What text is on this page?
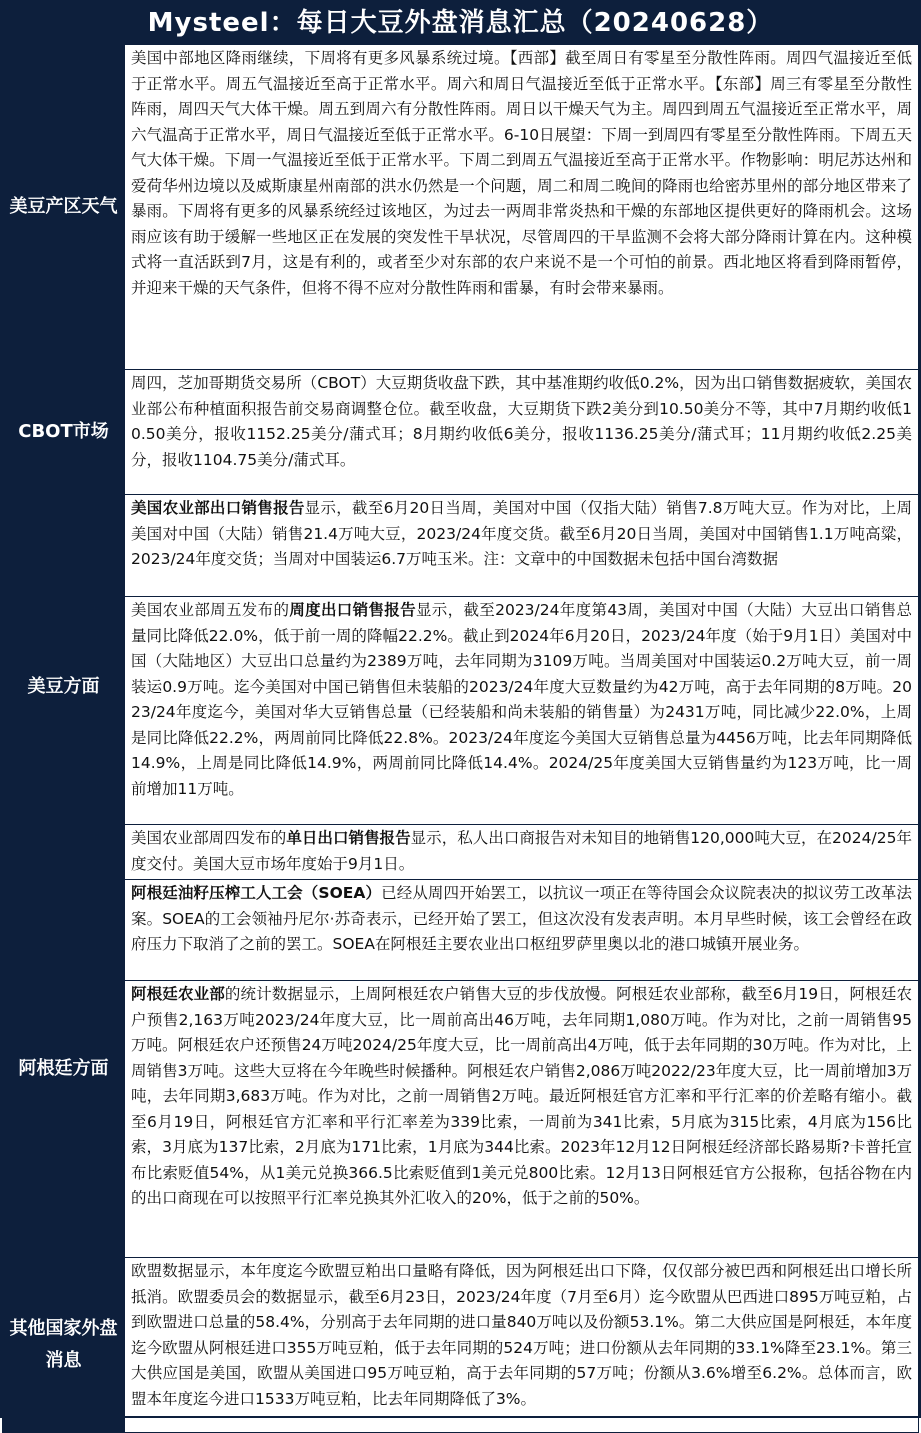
Mysteel：每日大豆外盘消息汇总（20240628）
美豆产区天气	美国中部地区降雨继续，下周将有更多风暴系统过境。【西部】截至周日有零星至分散性阵雨。周四气温接近至低于正常水平。周五气温接近至高于正常水平。周六和周日气温接近至低于正常水平。【东部】周三有零星至分散性阵雨，周四天气大体干燥。周五到周六有分散性阵雨。周日以干燥天气为主。周四到周五气温接近至正常水平，周六气温高于正常水平，周日气温接近至低于正常水平。6-10日展望：下周一到周四有零星至分散性阵雨。下周五天气大体干燥。下周一气温接近至低于正常水平。下周二到周五气温接近至高于正常水平。作物影响：明尼苏达州和爱荷华州边境以及威斯康星州南部的洪水仍然是一个问题，周二和周二晚间的降雨也给密苏里州的部分地区带来了暴雨。下周将有更多的风暴系统经过该地区，为过去一两周非常炎热和干燥的东部地区提供更好的降雨机会。这场雨应该有助于缓解一些地区正在发展的突发性干旱状况，尽管周四的干旱监测不会将大部分降雨计算在内。这种模式将一直活跃到7月，这是有利的，或者至少对东部的农户来说不是一个可怕的前景。西北地区将看到降雨暂停，并迎来干燥的天气条件，但将不得不应对分散性阵雨和雷暴，有时会带来暴雨。
CBOT市场	周四，芝加哥期货交易所（CBOT）大豆期货收盘下跌，其中基准期约收低0.2%，因为出口销售数据疲软，美国农业部公布种植面积报告前交易商调整仓位。截至收盘，大豆期货下跌2美分到10.50美分不等，其中7月期约收低10.50美分，报收1152.25美分/蒲式耳；8月期约收低6美分，报收1136.25美分/蒲式耳；11月期约收低2.25美分，报收1104.75美分/蒲式耳。
美豆方面	美国农业部出口销售报告显示，截至6月20日当周，美国对中国（仅指大陆）销售7.8万吨大豆。作为对比，上周美国对中国（大陆）销售21.4万吨大豆，2023/24年度交货。截至6月20日当周，美国对中国销售1.1万吨高粱，2023/24年度交货；当周对中国装运6.7万吨玉米。注：文章中的中国数据未包括中国台湾数据
	美国农业部周五发布的周度出口销售报告显示，截至2023/24年度第43周，美国对中国（大陆）大豆出口销售总量同比降低22.0%，低于前一周的降幅22.2%。截止到2024年6月20日，2023/24年度（始于9月1日）美国对中国（大陆地区）大豆出口总量约为2389万吨，去年同期为3109万吨。当周美国对中国装运0.2万吨大豆，前一周装运0.9万吨。迄今美国对中国已销售但未装船的2023/24年度大豆数量约为42万吨，高于去年同期的8万吨。2023/24年度迄今，美国对华大豆销售总量（已经装船和尚未装船的销售量）为2431万吨，同比减少22.0%，上周是同比降低22.2%，两周前同比降低22.8%。2023/24年度迄今美国大豆销售总量为4456万吨，比去年同期降低14.9%，上周是同比降低14.9%，两周前同比降低14.4%。2024/25年度美国大豆销售量约为123万吨，比一周前增加11万吨。
	美国农业部周四发布的单日出口销售报告显示，私人出口商报告对未知目的地销售120,000吨大豆，在2024/25年度交付。美国大豆市场年度始于9月1日。
阿根廷方面	阿根廷油籽压榨工人工会（SOEA）已经从周四开始罢工，以抗议一项正在等待国会众议院表决的拟议劳工改革法案。SOEA的工会领袖丹尼尔·苏奇表示，已经开始了罢工，但这次没有发表声明。本月早些时候，该工会曾经在政府压力下取消了之前的罢工。SOEA在阿根廷主要农业出口枢纽罗萨里奥以北的港口城镇开展业务。
	阿根廷农业部的统计数据显示，上周阿根廷农户销售大豆的步伐放慢。阿根廷农业部称，截至6月19日，阿根廷农户预售2,163万吨2023/24年度大豆，比一周前高出46万吨，去年同期1,080万吨。作为对比，之前一周销售95万吨。阿根廷农户还预售24万吨2024/25年度大豆，比一周前高出4万吨，低于去年同期的30万吨。作为对比，上周销售3万吨。这些大豆将在今年晚些时候播种。阿根廷农户销售2,086万吨2022/23年度大豆，比一周前增加3万吨，去年同期3,683万吨。作为对比，之前一周销售2万吨。最近阿根廷官方汇率和平行汇率的价差略有缩小。截至6月19日，阿根廷官方汇率和平行汇率差为339比索，一周前为341比索，5月底为315比索，4月底为156比索，3月底为137比索，2月底为171比索，1月底为344比索。2023年12月12日阿根廷经济部长路易斯?卡普托宣布比索贬值54%，从1美元兑换366.5比索贬值到1美元兑800比索。12月13日阿根廷官方公报称，包括谷物在内的出口商现在可以按照平行汇率兑换其外汇收入的20%，低于之前的50%。
其他国家外盘消息	欧盟数据显示，本年度迄今欧盟豆粕出口量略有降低，因为阿根廷出口下降，仅仅部分被巴西和阿根廷出口增长所抵消。欧盟委员会的数据显示，截至6月23日，2023/24年度（7月至6月）迄今欧盟从巴西进口895万吨豆粕，占到欧盟进口总量的58.4%，分别高于去年同期的进口量840万吨以及份额53.1%。第二大供应国是阿根廷，本年度迄今欧盟从阿根廷进口355万吨豆粕，低于去年同期的524万吨；进口份额从去年同期的33.1%降至23.1%。第三大供应国是美国，欧盟从美国进口95万吨豆粕，高于去年同期的57万吨；份额从3.6%增至6.2%。总体而言，欧盟本年度迄今进口1533万吨豆粕，比去年同期降低了3%。
